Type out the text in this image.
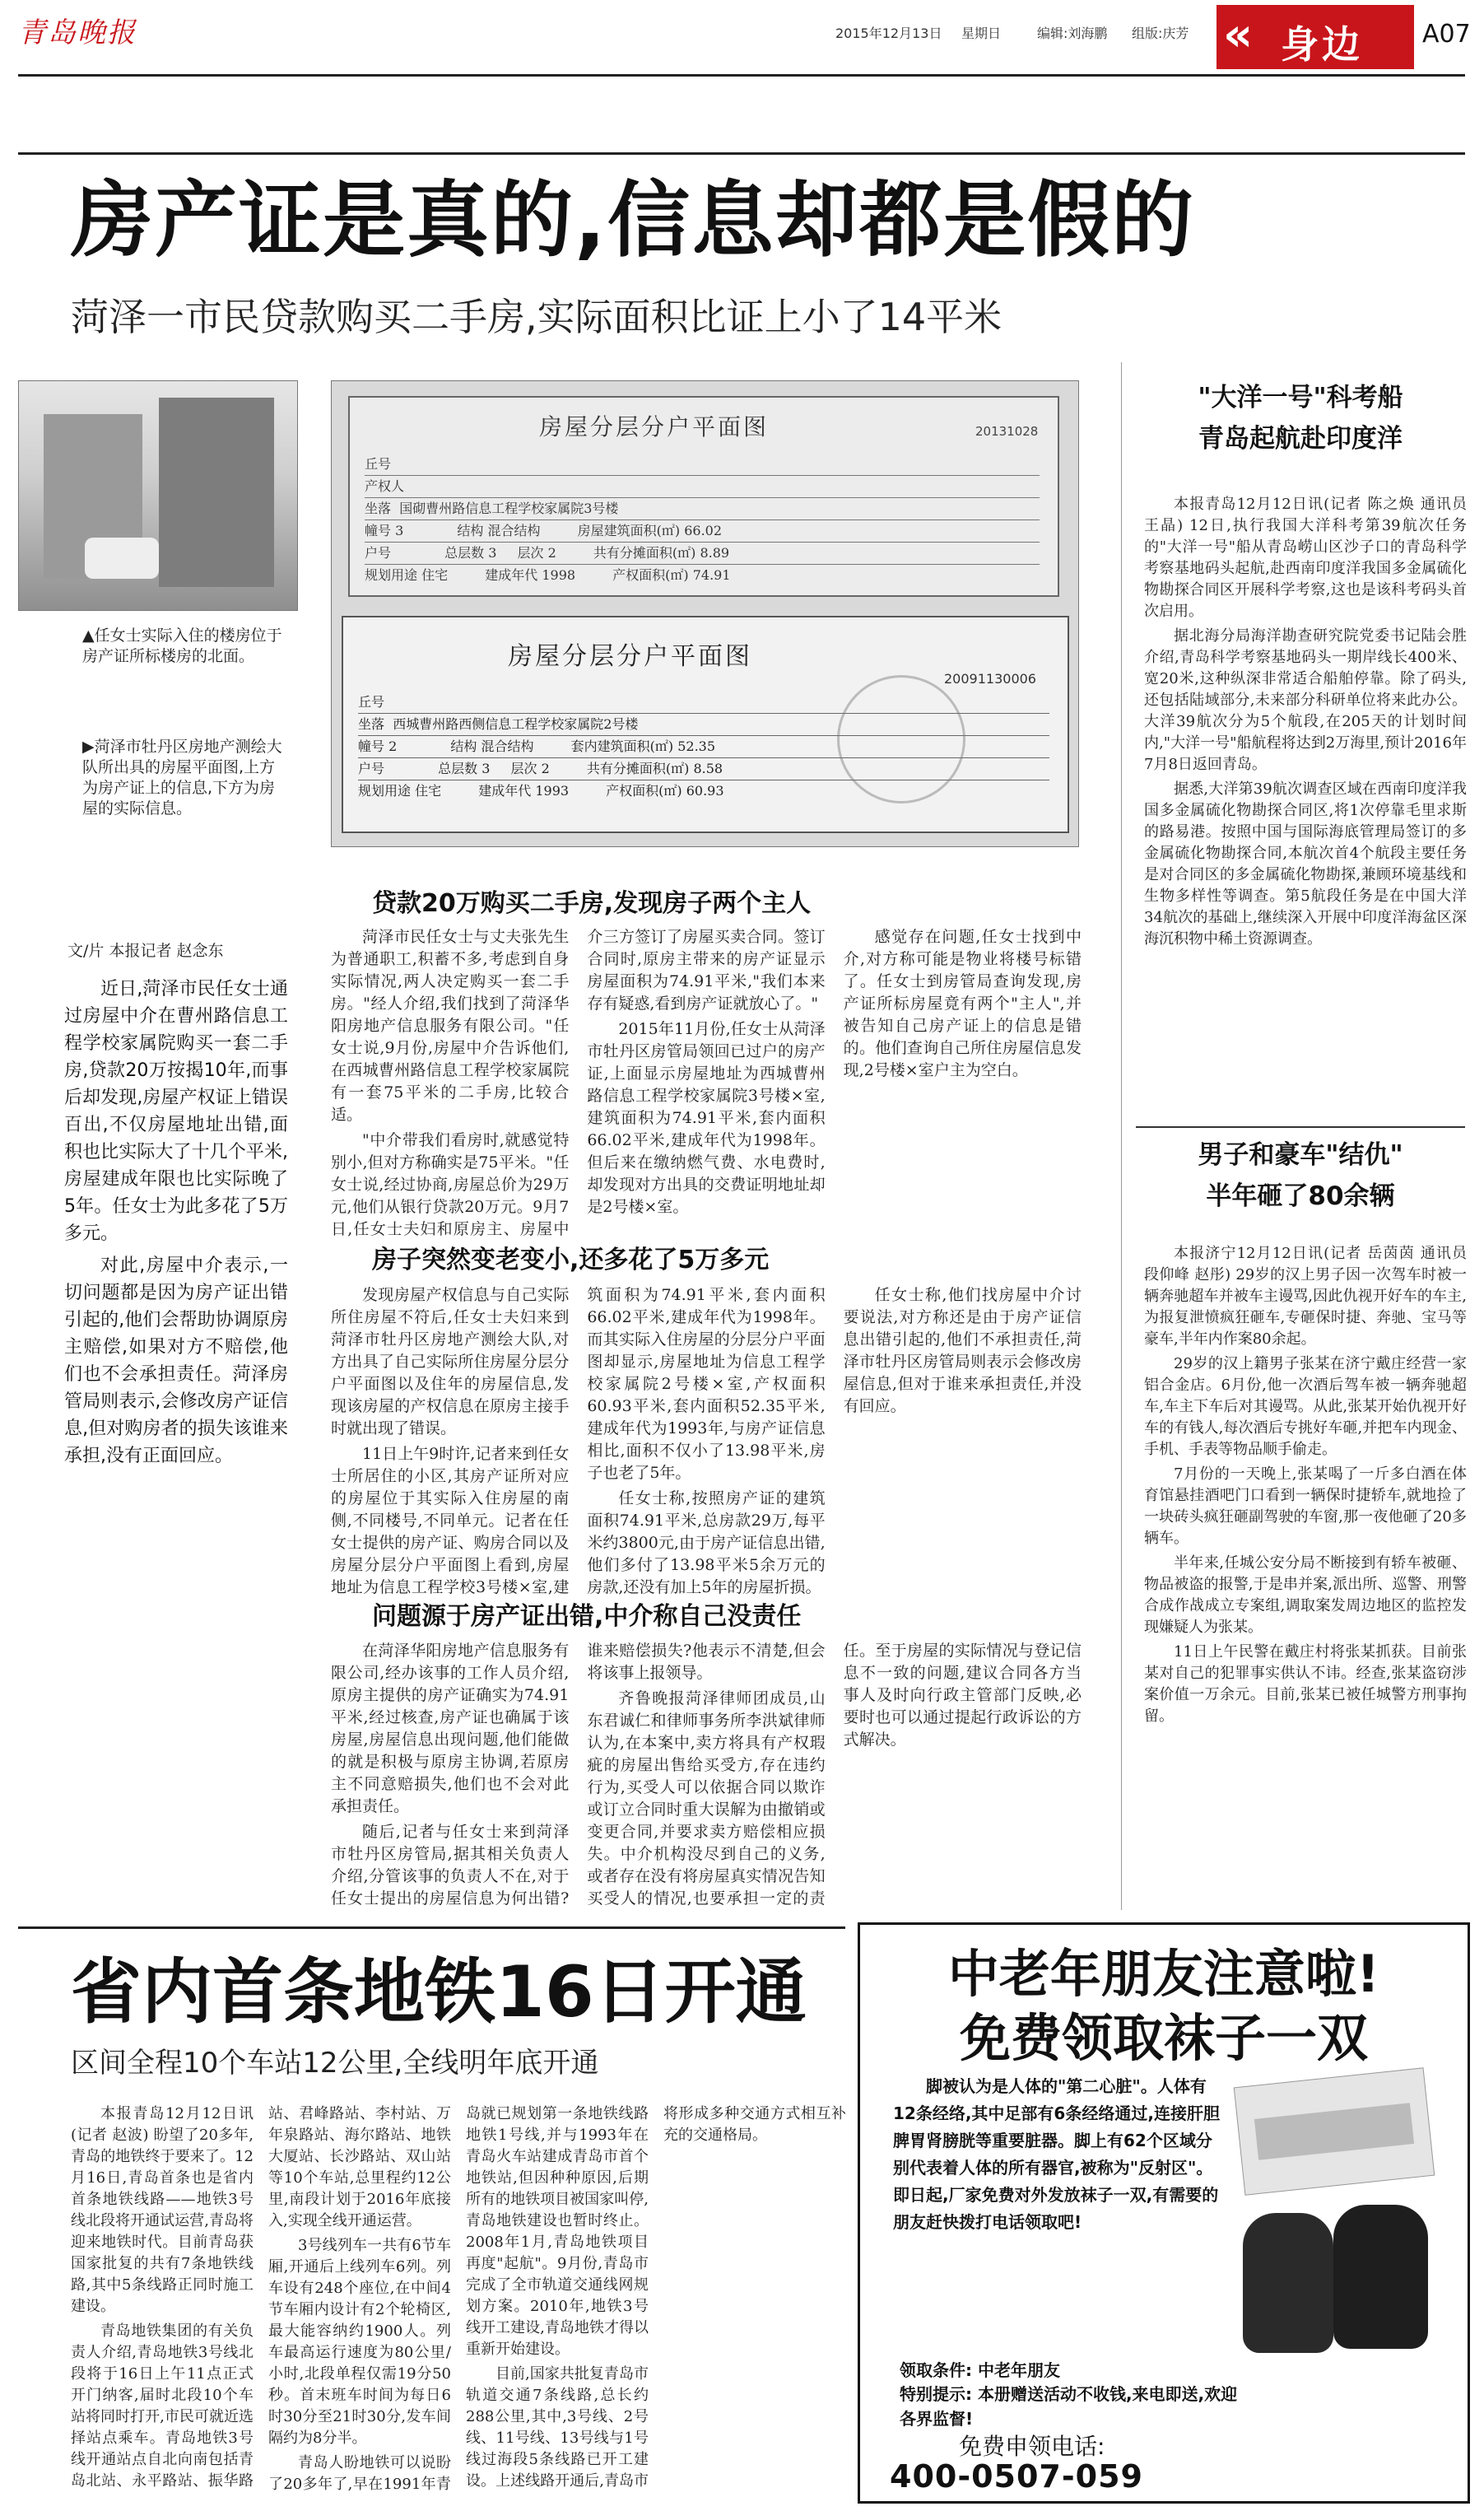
青岛晚报	2015年12月13日 星期日	编辑:刘海鹏 组版:庆芳 « 身边 A07
房产证是真的,信息却都是假的
菏泽一市民贷款购买二手房,实际面积比证上小了14平米
▲任女士实际入住的楼房位于房产证所标楼房的北面。
▶菏泽市牡丹区房地产测绘大队所出具的房屋平面图,上方为房产证上的信息,下方为房屋的实际信息。
文/片 本报记者 赵念东

近日,菏泽市民任女士通过房屋中介在曹州路信息工程学校家属院购买一套二手房,贷款20万按揭10年,而事后却发现,房屋产权证上错误百出,不仅房屋地址出错,面积也比实际大了十几个平米,房屋建成年限也比实际晚了5年。任女士为此多花了5万多元。

对此,房屋中介表示,一切问题都是因为房产证出错引起的,他们会帮助协调原房主赔偿,如果对方不赔偿,他们也不会承担责任。菏泽房管局则表示,会修改房产证信息,但对购房者的损失该谁来承担,没有正面回应。

房屋分层分户平面图	20131028
丘号
产权人
坐落 国砌曹州路信息工程学校家属院3号楼
幢号 3	结构 混合结构	房屋建筑面积(㎡) 66.02
户号	总层数 3 层次 2	共有分摊面积(㎡) 8.89
规划用途 住宅	建成年代 1998	产权面积(㎡) 74.91
房屋分层分户平面图
20091130006
丘号
坐落 西城曹州路西侧信息工程学校家属院2号楼
幢号 2	结构 混合结构	套内建筑面积(㎡) 52.35
户号	总层数 3 层次 2	共有分摊面积(㎡) 8.58
规划用途 住宅	建成年代 1993	产权面积(㎡) 60.93
贷款20万购买二手房,发现房子两个主人

菏泽市民任女士与丈夫张先生为普通职工,积蓄不多,考虑到自身实际情况,两人决定购买一套二手房。"经人介绍,我们找到了菏泽华阳房地产信息服务有限公司。"任女士说,9月份,房屋中介告诉他们,在西城曹州路信息工程学校家属院有一套75平米的二手房,比较合适。

"中介带我们看房时,就感觉特别小,但对方称确实是75平米。"任女士说,经过协商,房屋总价为29万元,他们从银行贷款20万元。9月7日,任女士夫妇和原房主、房屋中介三方签订了房屋买卖合同。签订合同时,原房主带来的房产证显示房屋面积为74.91平米,"我们本来存有疑惑,看到房产证就放心了。"

2015年11月份,任女士从菏泽市牡丹区房管局领回已过户的房产证,上面显示房屋地址为西城曹州路信息工程学校家属院3号楼×室,建筑面积为74.91平米,套内面积66.02平米,建成年代为1998年。但后来在缴纳燃气费、水电费时,却发现对方出具的交费证明地址却是2号楼×室。

感觉存在问题,任女士找到中介,对方称可能是物业将楼号标错了。任女士到房管局查询发现,房产证所标房屋竟有两个"主人",并被告知自己房产证上的信息是错的。他们查询自己所住房屋信息发现,2号楼×室户主为空白。

房子突然变老变小,还多花了5万多元

发现房屋产权信息与自己实际所住房屋不符后,任女士夫妇来到菏泽市牡丹区房地产测绘大队,对方出具了自己实际所住房屋分层分户平面图以及住年的房屋信息,发现该房屋的产权信息在原房主接手时就出现了错误。

11日上午9时许,记者来到任女士所居住的小区,其房产证所对应的房屋位于其实际入住房屋的南侧,不同楼号,不同单元。记者在任女士提供的房产证、购房合同以及房屋分层分户平面图上看到,房屋地址为信息工程学校3号楼×室,建筑面积为74.91平米,套内面积66.02平米,建成年代为1998年。而其实际入住房屋的分层分户平面图却显示,房屋地址为信息工程学校家属院2号楼×室,产权面积60.93平米,套内面积52.35平米,建成年代为1993年,与房产证信息相比,面积不仅小了13.98平米,房子也老了5年。

任女士称,按照房产证的建筑面积74.91平米,总房款29万,每平米约3800元,由于房产证信息出错,他们多付了13.98平米5余万元的房款,还没有加上5年的房屋折损。

任女士称,他们找房屋中介讨要说法,对方称还是由于房产证信息出错引起的,他们不承担责任,菏泽市牡丹区房管局则表示会修改房屋信息,但对于谁来承担责任,并没有回应。

问题源于房产证出错,中介称自己没责任

在菏泽华阳房地产信息服务有限公司,经办该事的工作人员介绍,原房主提供的房产证确实为74.91平米,经过核查,房产证也确属于该房屋,房屋信息出现问题,他们能做的就是积极与原房主协调,若原房主不同意赔损失,他们也不会对此承担责任。

随后,记者与任女士来到菏泽市牡丹区房管局,据其相关负责人介绍,分管该事的负责人不在,对于任女士提出的房屋信息为何出错?谁来赔偿损失?他表示不清楚,但会将该事上报领导。

齐鲁晚报菏泽律师团成员,山东君诚仁和律师事务所李洪斌律师认为,在本案中,卖方将具有产权瑕疵的房屋出售给买受方,存在违约行为,买受人可以依据合同以欺诈或订立合同时重大误解为由撤销或变更合同,并要求卖方赔偿相应损失。中介机构没尽到自己的义务,或者存在没有将房屋真实情况告知买受人的情况,也要承担一定的责任。至于房屋的实际情况与登记信息不一致的问题,建议合同各方当事人及时向行政主管部门反映,必要时也可以通过提起行政诉讼的方式解决。

"大洋一号"科考船
青岛起航赴印度洋

本报青岛12月12日讯(记者 陈之焕 通讯员 王晶) 12日,执行我国大洋科考第39航次任务的"大洋一号"船从青岛崂山区沙子口的青岛科学考察基地码头起航,赴西南印度洋我国多金属硫化物勘探合同区开展科学考察,这也是该科考码头首次启用。

据北海分局海洋勘查研究院党委书记陆会胜介绍,青岛科学考察基地码头一期岸线长400米、宽20米,这种纵深非常适合船舶停靠。除了码头,还包括陆域部分,未来部分科研单位将来此办公。大洋39航次分为5个航段,在205天的计划时间内,"大洋一号"船航程将达到2万海里,预计2016年7月8日返回青岛。

据悉,大洋第39航次调查区域在西南印度洋我国多金属硫化物勘探合同区,将1次停靠毛里求斯的路易港。按照中国与国际海底管理局签订的多金属硫化物勘探合同,本航次首4个航段主要任务是对合同区的多金属硫化物勘探,兼顾环境基线和生物多样性等调查。第5航段任务是在中国大洋34航次的基础上,继续深入开展中印度洋海盆区深海沉积物中稀土资源调查。

男子和豪车"结仇"
半年砸了80余辆

本报济宁12月12日讯(记者 岳茵茵 通讯员 段仰峰 赵彤) 29岁的汉上男子因一次驾车时被一辆奔驰超车并被车主谩骂,因此仇视开好车的车主,为报复泄愤疯狂砸车,专砸保时捷、奔驰、宝马等豪车,半年内作案80余起。

29岁的汉上籍男子张某在济宁戴庄经营一家铝合金店。6月份,他一次酒后驾车被一辆奔驰超车,车主下车后对其谩骂。从此,张某开始仇视开好车的有钱人,每次酒后专挑好车砸,并把车内现金、手机、手表等物品顺手偷走。

7月份的一天晚上,张某喝了一斤多白酒在体育馆悬挂酒吧门口看到一辆保时捷轿车,就地捡了一块砖头疯狂砸副驾驶的车窗,那一夜他砸了20多辆车。

半年来,任城公安分局不断接到有轿车被砸、物品被盗的报警,于是串并案,派出所、巡警、刑警合成作战成立专案组,调取案发周边地区的监控发现嫌疑人为张某。

11日上午民警在戴庄村将张某抓获。目前张某对自己的犯罪事实供认不讳。经查,张某盗窃涉案价值一万余元。目前,张某已被任城警方刑事拘留。

省内首条地铁16日开通
区间全程10个车站12公里,全线明年底开通

本报青岛12月12日讯(记者 赵波) 盼望了20多年,青岛的地铁终于要来了。12月16日,青岛首条也是省内首条地铁线路——地铁3号线北段将开通试运营,青岛将迎来地铁时代。目前青岛获国家批复的共有7条地铁线路,其中5条线路正同时施工建设。

青岛地铁集团的有关负责人介绍,青岛地铁3号线北段将于16日上午11点正式开门纳客,届时北段10个车站将同时打开,市民可就近选择站点乘车。青岛地铁3号线开通站点自北向南包括青岛北站、永平路站、振华路站、君峰路站、李村站、万年泉路站、海尔路站、地铁大厦站、长沙路站、双山站等10个车站,总里程约12公里,南段计划于2016年底接入,实现全线开通运营。

3号线列车一共有6节车厢,开通后上线列车6列。列车设有248个座位,在中间4节车厢内设计有2个轮椅区,最大能容纳约1900人。列车最高运行速度为80公里/小时,北段单程仅需19分50秒。首末班车时间为每日6时30分至21时30分,发车间隔约为8分半。

青岛人盼地铁可以说盼了20多年了,早在1991年青岛就已规划第一条地铁线路地铁1号线,并与1993年在青岛火车站建成青岛市首个地铁站,但因种种原因,后期所有的地铁项目被国家叫停,青岛地铁建设也暂时终止。2008年1月,青岛地铁项目再度"起航"。9月份,青岛市完成了全市轨道交通线网规划方案。2010年,地铁3号线开工建设,青岛地铁才得以重新开始建设。

目前,国家共批复青岛市轨道交通7条线路,总长约288公里,其中,3号线、2号线、11号线、13号线与1号线过海段5条线路已开工建设。上述线路开通后,青岛市将形成多种交通方式相互补充的交通格局。

中老年朋友注意啦!
免费领取袜子一双
脚被认为是人体的"第二心脏"。人体有12条经络,其中足部有6条经络通过,连接肝胆脾胃肾膀胱等重要脏器。脚上有62个区域分别代表着人体的所有器官,被称为"反射区"。即日起,厂家免费对外发放袜子一双,有需要的朋友赶快拨打电话领取吧!
领取条件: 中老年朋友
特别提示: 本册赠送活动不收钱,来电即送,欢迎各界监督!
免费申领电话:
400-0507-059
